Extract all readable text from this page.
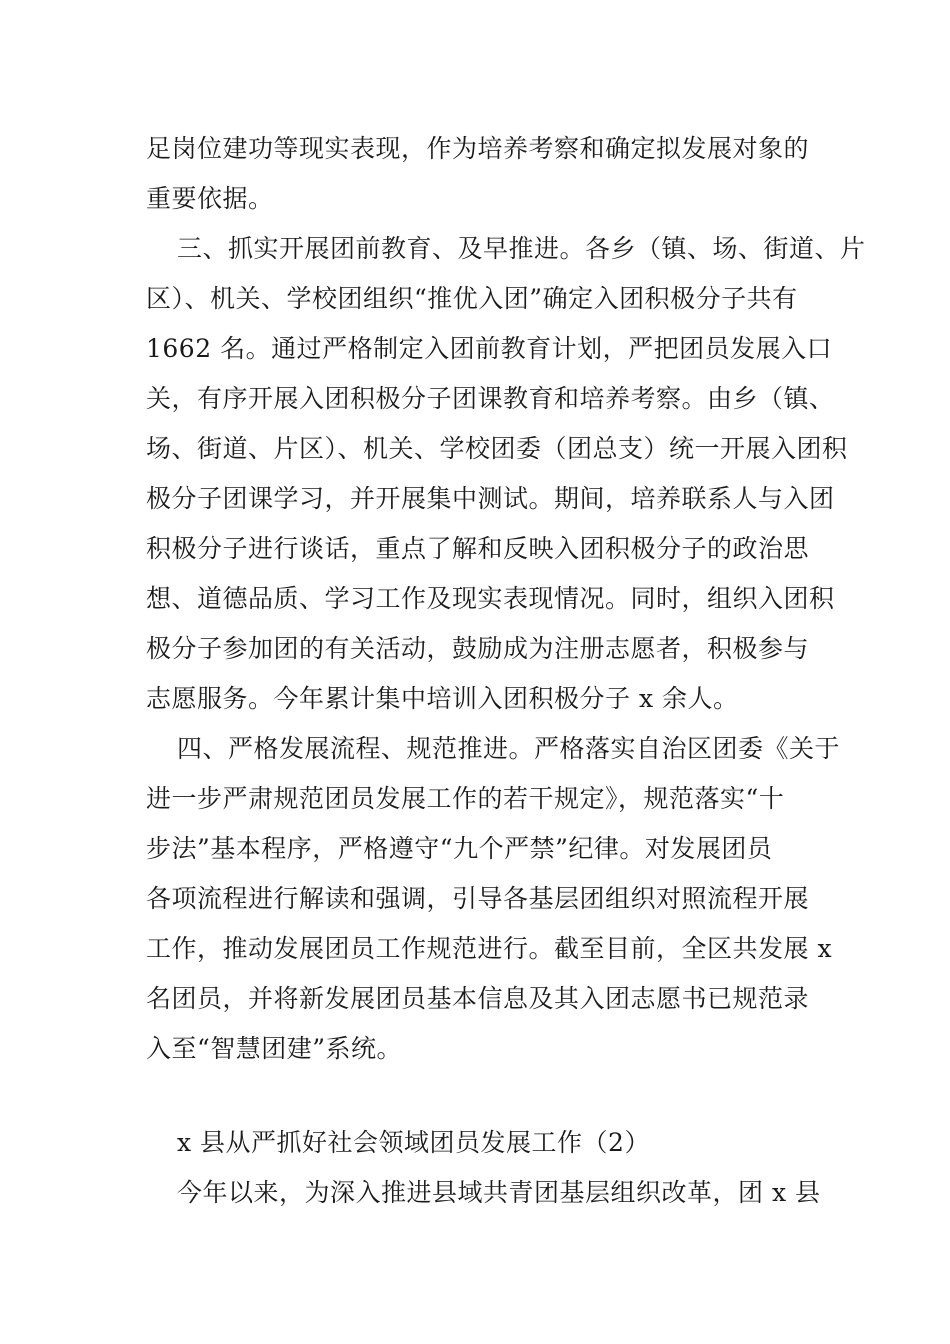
足岗位建功等现实表现，作为培养考察和确定拟发展对象的
重要依据。
三、抓实开展团前教育、及早推进。各乡（镇、场、街道、片
区）、机关、学校团组织“推优入团”确定入团积极分子共有
1662 名。通过严格制定入团前教育计划，严把团员发展入口
关，有序开展入团积极分子团课教育和培养考察。由乡（镇、
场、街道、片区）、机关、学校团委（团总支）统一开展入团积
极分子团课学习，并开展集中测试。期间，培养联系人与入团
积极分子进行谈话，重点了解和反映入团积极分子的政治思
想、道德品质、学习工作及现实表现情况。同时，组织入团积
极分子参加团的有关活动，鼓励成为注册志愿者，积极参与
志愿服务。今年累计集中培训入团积极分子 x 余人。
四、严格发展流程、规范推进。严格落实自治区团委《关于
进一步严肃规范团员发展工作的若干规定》，规范落实“十
步法”基本程序，严格遵守“九个严禁”纪律。对发展团员
各项流程进行解读和强调，引导各基层团组织对照流程开展
工作，推动发展团员工作规范进行。截至目前，全区共发展 x
名团员，并将新发展团员基本信息及其入团志愿书已规范录
入至“智慧团建”系统。
x 县从严抓好社会领域团员发展工作（2）
今年以来，为深入推进县域共青团基层组织改革，团 x 县
